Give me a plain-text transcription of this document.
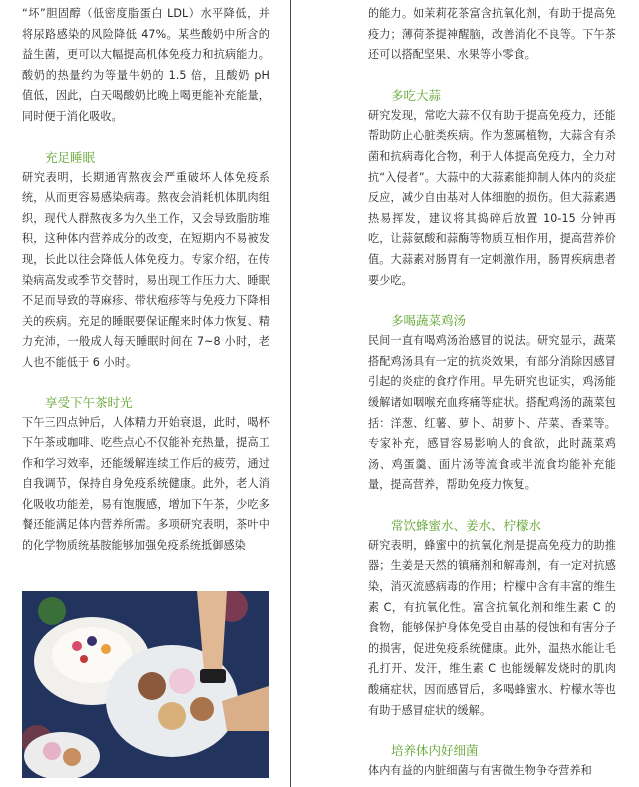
“坏”胆固醇（低密度脂蛋白 LDL）水平降低，并将尿路感染的风险降低 47%。某些酸奶中所含的益生菌，更可以大幅提高机体免疫力和抗病能力。酸奶的热量约为等量牛奶的 1.5 倍，且酸奶 pH 值低，因此，白天喝酸奶比晚上喝更能补充能量，同时便于消化吸收。

充足睡眠

研究表明，长期通宵熬夜会严重破坏人体免疫系统，从而更容易感染病毒。熬夜会消耗机体肌肉组织，现代人群熬夜多为久坐工作，又会导致脂肪堆积，这种体内营养成分的改变，在短期内不易被发现，长此以往会降低人体免疫力。专家介绍，在传染病高发或季节交替时，易出现工作压力大、睡眠不足而导致的荨麻疹、带状疱疹等与免疫力下降相关的疾病。充足的睡眠要保证醒来时体力恢复、精力充沛，一般成人每天睡眠时间在 7~8 小时，老人也不能低于 6 小时。

享受下午茶时光

下午三四点钟后，人体精力开始衰退，此时，喝杯下午茶或咖啡、吃些点心不仅能补充热量，提高工作和学习效率，还能缓解连续工作后的疲劳，通过自我调节，保持自身免疫系统健康。此外，老人消化吸收功能差，易有饱腹感，增加下午茶，少吃多餐还能满足体内营养所需。多项研究表明，茶叶中的化学物质统基胺能够加强免疫系统抵御感染

的能力。如茉莉花茶富含抗氧化剂，有助于提高免疫力；薄荷茶提神醒脑，改善消化不良等。下午茶还可以搭配坚果、水果等小零食。

多吃大蒜

研究发现，常吃大蒜不仅有助于提高免疫力，还能帮助防止心脏类疾病。作为葱属植物，大蒜含有杀菌和抗病毒化合物，利于人体提高免疫力，全力对抗“入侵者”。大蒜中的大蒜素能抑制人体内的炎症反应，减少自由基对人体细胞的损伤。但大蒜素遇热易挥发，建议将其捣碎后放置 10-15 分钟再吃，让蒜氨酸和蒜酶等物质互相作用，提高营养价值。大蒜素对肠胃有一定刺激作用，肠胃疾病患者要少吃。

多喝蔬菜鸡汤

民间一直有喝鸡汤治感冒的说法。研究显示，蔬菜搭配鸡汤具有一定的抗炎效果，有部分消除因感冒引起的炎症的食疗作用。早先研究也证实，鸡汤能缓解诸如咽喉充血疼痛等症状。搭配鸡汤的蔬菜包括：洋葱、红薯、萝卜、胡萝卜、芹菜、香菜等。专家补充，感冒容易影响人的食欲，此时蔬菜鸡汤、鸡蛋羹、面片汤等流食或半流食均能补充能量，提高营养，帮助免疫力恢复。

常饮蜂蜜水、姜水、柠檬水

研究表明，蜂蜜中的抗氧化剂是提高免疫力的助推器；生姜是天然的镇痛剂和解毒剂，有一定对抗感染，消灭流感病毒的作用；柠檬中含有丰富的维生素 C，有抗氧化性。富含抗氧化剂和维生素 C 的食物，能够保护身体免受自由基的侵蚀和有害分子的损害，促进免疫系统健康。此外，温热水能让毛孔打开、发汗，维生素 C 也能缓解发烧时的肌肉酸痛症状，因而感冒后，多喝蜂蜜水、柠檬水等也有助于感冒症状的缓解。

培养体内好细菌

体内有益的内脏细菌与有害微生物争夺营养和
